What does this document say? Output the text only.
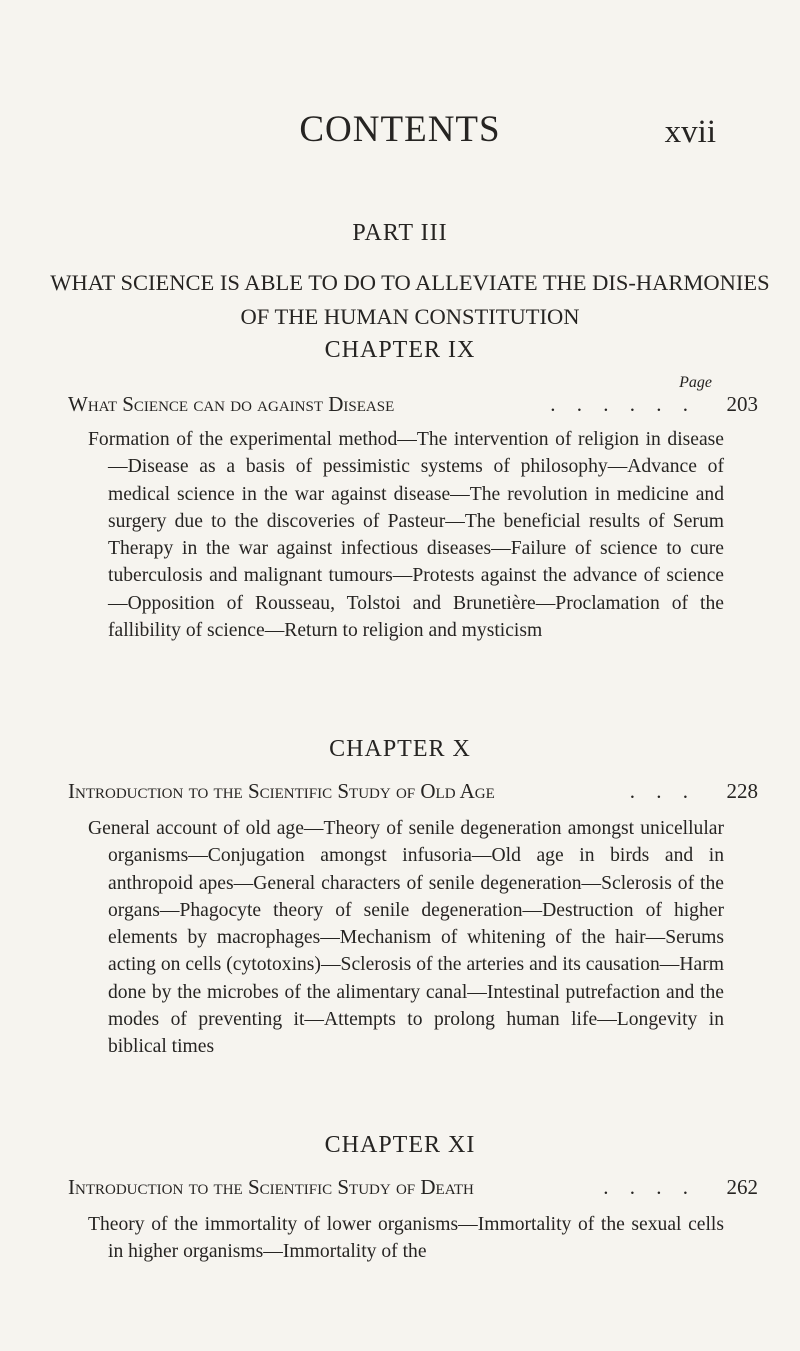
CONTENTS	xvii
PART III
WHAT SCIENCE IS ABLE TO DO TO ALLEVIATE THE DIS-HARMONIES OF THE HUMAN CONSTITUTION
CHAPTER IX
Page
What Science can do against Disease	. . . . . . 203
Formation of the experimental method—The intervention of religion in disease—Disease as a basis of pessimistic systems of philosophy—Advance of medical science in the war against disease—The revolution in medicine and surgery due to the discoveries of Pasteur—The beneficial results of Serum Therapy in the war against infectious diseases—Failure of science to cure tuberculosis and malignant tumours—Protests against the advance of science—Opposition of Rousseau, Tolstoi and Brunetière—Proclamation of the fallibility of science—Return to religion and mysticism
CHAPTER X
Introduction to the Scientific Study of Old Age	. . . 228
General account of old age—Theory of senile degeneration amongst unicellular organisms—Conjugation amongst infusoria—Old age in birds and in anthropoid apes—General characters of senile degeneration—Sclerosis of the organs—Phagocyte theory of senile degeneration—Destruction of higher elements by macrophages—Mechanism of whitening of the hair—Serums acting on cells (cytotoxins)—Sclerosis of the arteries and its causation—Harm done by the microbes of the alimentary canal—Intestinal putrefaction and the modes of preventing it—Attempts to prolong human life—Longevity in biblical times
CHAPTER XI
Introduction to the Scientific Study of Death	. . . . 262
Theory of the immortality of lower organisms—Immortality of the sexual cells in higher organisms—Immortality of the
